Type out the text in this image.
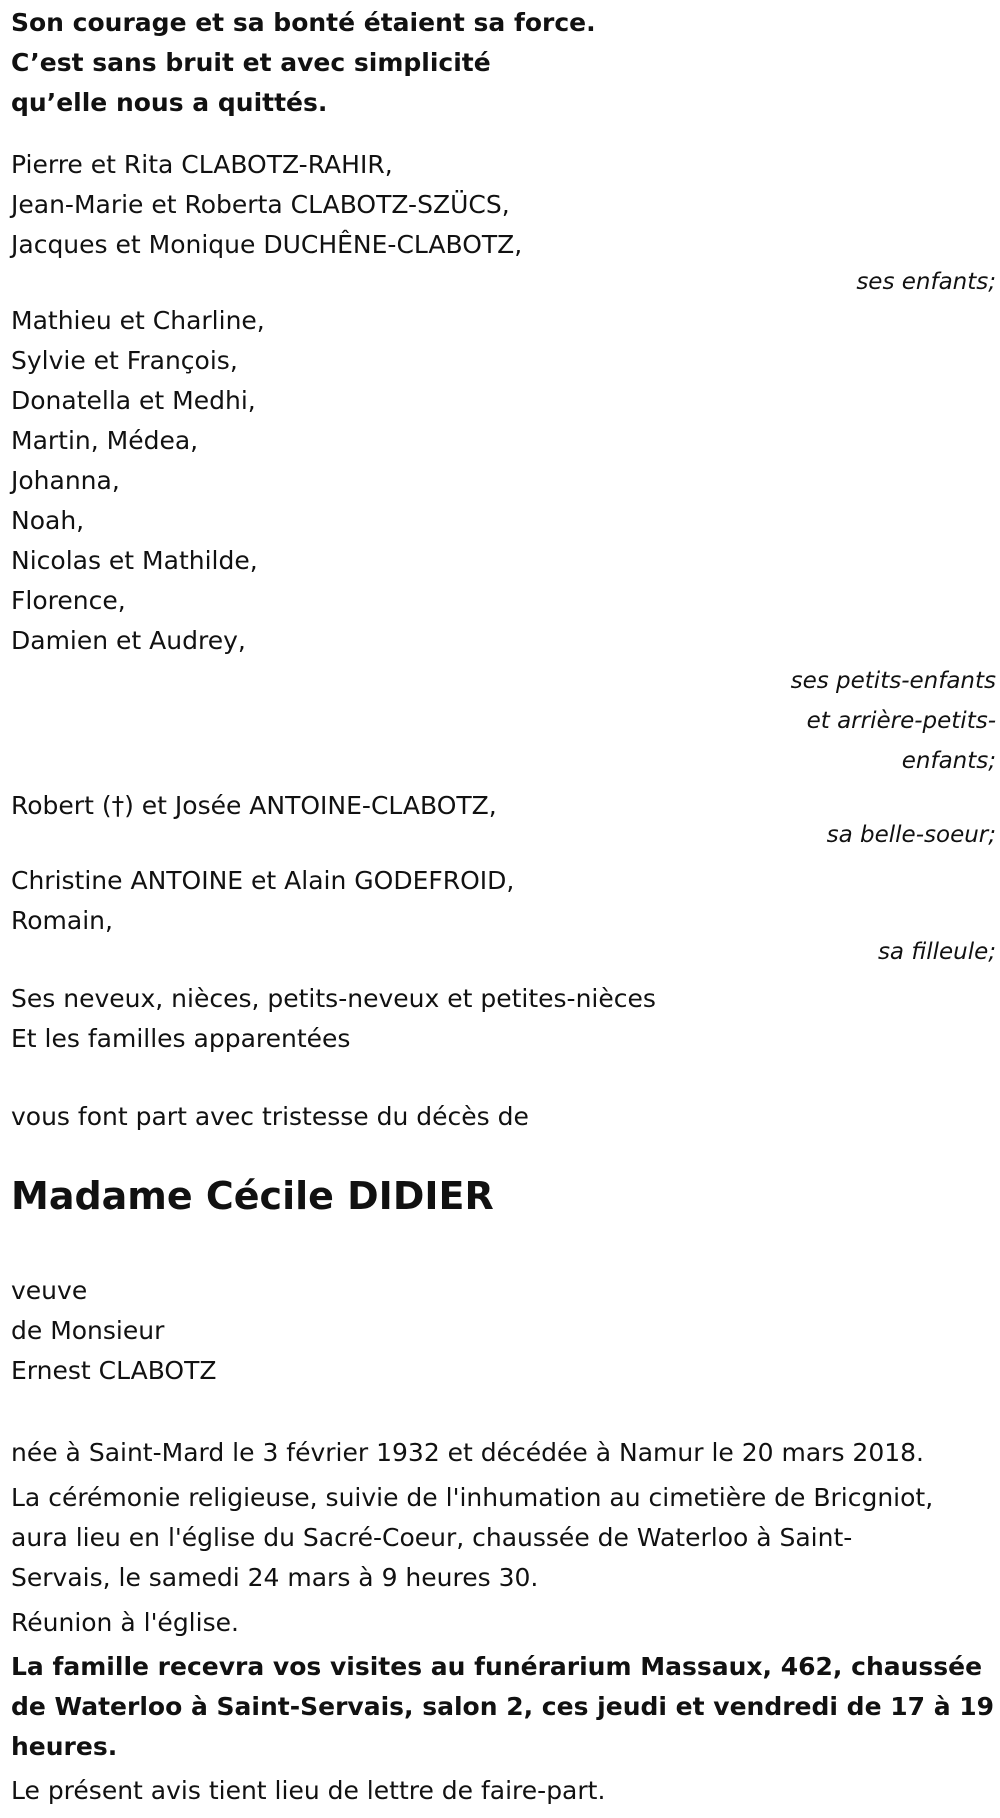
Son courage et sa bonté étaient sa force.
C’est sans bruit et avec simplicité
qu’elle nous a quittés.
Pierre et Rita CLABOTZ-RAHIR,
Jean-Marie et Roberta CLABOTZ-SZÜCS,
Jacques et Monique DUCHÊNE-CLABOTZ,
ses enfants;
Mathieu et Charline,
Sylvie et François,
Donatella et Medhi,
Martin, Médea,
Johanna,
Noah,
Nicolas et Mathilde,
Florence,
Damien et Audrey,
ses petits-enfants
et arrière-petits-
enfants;
Robert (†) et Josée ANTOINE-CLABOTZ,
sa belle-soeur;
Christine ANTOINE et Alain GODEFROID,
Romain,
sa filleule;
Ses neveux, nièces, petits-neveux et petites-nièces
Et les familles apparentées
vous font part avec tristesse du décès de
Madame Cécile DIDIER
veuve
de Monsieur
Ernest CLABOTZ
née à Saint-Mard le 3 février 1932 et décédée à Namur le 20 mars 2018.
La cérémonie religieuse, suivie de l'inhumation au cimetière de Bricgniot,
aura lieu en l'église du Sacré-Coeur, chaussée de Waterloo à Saint-
Servais, le samedi 24 mars à 9 heures 30.
Réunion à l'église.
La famille recevra vos visites au funérarium Massaux, 462, chaussée
de Waterloo à Saint-Servais, salon 2, ces jeudi et vendredi de 17 à 19
heures.
Le présent avis tient lieu de lettre de faire-part.
